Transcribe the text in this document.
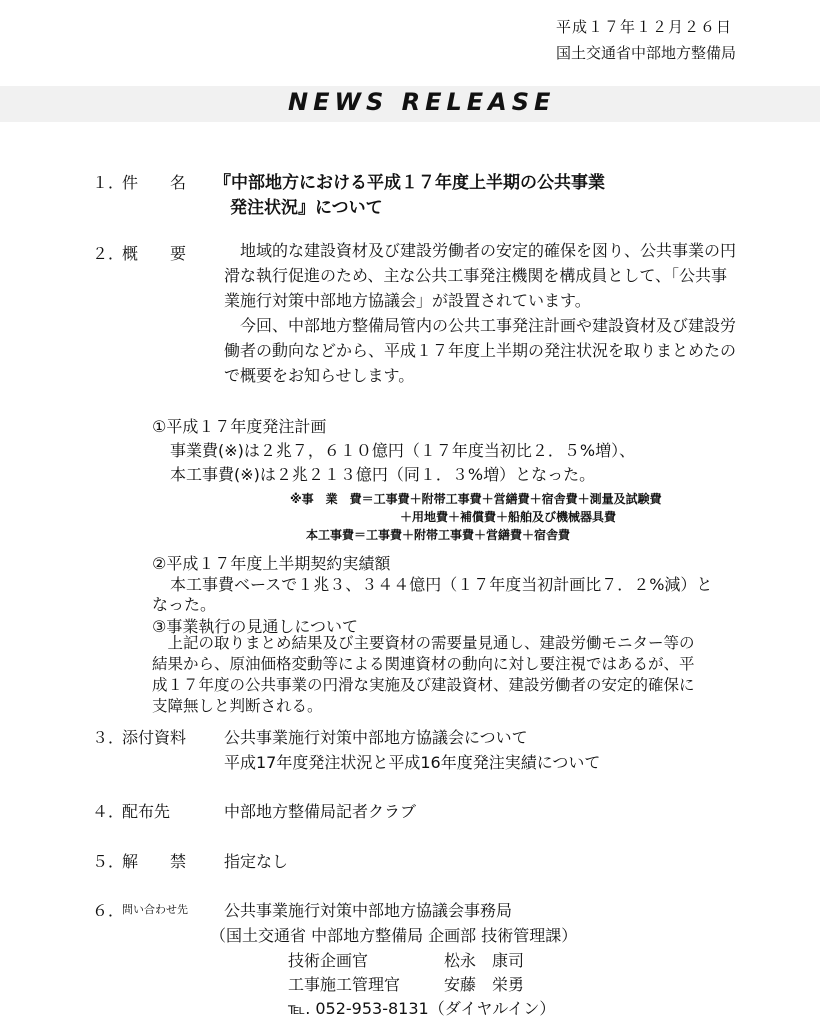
平成１７年１２月２６日
国土交通省中部地方整備局
NEWS RELEASE
１．
件　　名 『中部地方における平成１７年度上半期の公共事業
発注状況』について
２．
概　　要 　地域的な建設資材及び建設労働者の安定的確保を図り、公共事業の円
滑な執行促進のため、主な公共工事発注機関を構成員として、「公共事
業施行対策中部地方協議会」が設置されています。
　今回、中部地方整備局管内の公共工事発注計画や建設資材及び建設労
働者の動向などから、平成１７年度上半期の発注状況を取りまとめたの
で概要をお知らせします。
①平成１７年度発注計画
事業費(※)は２兆７，６１０億円（１７年度当初比２．５%増）、
本工事費(※)は２兆２１３億円（同１．３%増）となった。
※事　業　費＝工事費＋附帯工事費＋営繕費＋宿舎費＋測量及試験費
＋用地費＋補償費＋船舶及び機械器具費
本工事費＝工事費＋附帯工事費＋営繕費＋宿舎費
②平成１７年度上半期契約実績額
本工事費ベースで１兆３、３４４億円（１７年度当初計画比７．２%減）と
なった。
③事業執行の見通しについて
　上記の取りまとめ結果及び主要資材の需要量見通し、建設労働モニター等の
結果から、原油価格変動等による関連資材の動向に対し要注視ではあるが、平
成１７年度の公共事業の円滑な実施及び建設資材、建設労働者の安定的確保に
支障無しと判断される。
３．
添付資料 公共事業施行対策中部地方協議会について
平成17年度発注状況と平成16年度発注実績について
４．
配布先	中部地方整備局記者クラブ
５．
解　　禁 指定なし
６．
問い合わせ先 公共事業施行対策中部地方協議会事務局
（国土交通省 中部地方整備局 企画部 技術管理課）
技術企画官	松永　康司
工事施工管理官	安藤　栄勇
℡. 052-953-8131（ダイヤルイン）
